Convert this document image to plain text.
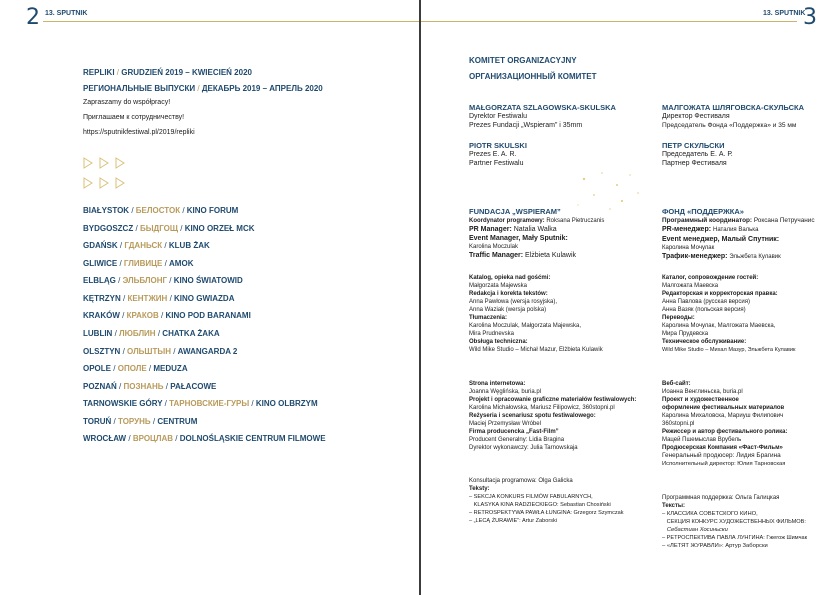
2 13. SPUTNIK
REPLIKI / GRUDZIEŃ 2019 – KWIECIEŃ 2020
РЕГИОНАЛЬНЫЕ ВЫПУСКИ / ДЕКАБРЬ 2019 – АПРЕЛЬ 2020
Zapraszamy do współpracy!
Приглашаем к сотрудничеству!
https://sputnikfestiwal.pl/2019/repliki
BIAŁYSTOK / БЕЛОСТОК / KINO FORUM
BYDGOSZCZ / БЫДГОЩ / KINO ORZEŁ MCK
GDAŃSK / ГДАНЬСК / KLUB ŻAK
GLIWICE / ГЛИВИЦЕ / AMOK
ELBLĄG / ЭЛЬБЛОНГ / KINO ŚWIATOWID
KĘTRZYN / КЕНТЖИН / KINO GWIAZDA
KRAKÓW / КРАКОВ / KINO POD BARANAMI
LUBLIN / ЛЮБЛИН / CHATKA ŻAKA
OLSZTYN / ОЛЬШТЫН / AWANGARDA 2
OPOLE / ОПОЛЕ / MEDUZA
POZNAŃ / ПОЗНАНЬ / PAŁACOWE
TARNOWSKIE GÓRY / ТАРНОВСКИЕ-ГУРЫ / KINO OLBRZYM
TORUŃ / ТОРУНЬ / CENTRUM
WROCŁAW / ВРОЦЛАВ / DOLNOŚLĄSKIE CENTRUM FILMOWE
13. SPUTNIK
3
KOMITET ORGANIZACYJNY
ОРГАНИЗАЦИОННЫЙ КОМИТЕТ
MAŁGORZATA SZLAGOWSKA-SKULSKA
Dyrektor Festiwalu
Prezes Fundacji „Wspieram” i 35mm
PIOTR SKULSKI
Prezes E. A. R.
Partner Festiwalu
МАЛГОЖАТА ШЛЯГОВСКА-СКУЛЬСКА
Директор Фестиваля
Председатель Фонда «Поддержка» и 35 мм
ПЕТР СКУЛЬСКИ
Председатель Е. А. Р.
Партнер Фестиваля
FUNDACJA „WSPIERAM”
Koordynator programowy: Roksana Pietruczanis
PR Manager: Natalia Walka
Event Manager, Mały Sputnik:
Karolina Moczulak
Traffic Manager: Elżbieta Kulawik
Katalog, opieka nad gośćmi:
Małgorzata Majewska
Redakcja i korekta tekstów:
Anna Pawłowa (wersja rosyjska),
Anna Waziak (wersja polska)
Tłumaczenia:
Karolina Moczulak, Małgorzata Majewska,
Mira Prudnevska
Obsługa techniczna:
Wild Mike Studio – Michał Mazur, Elżbieta Kulawik
Strona internetowa:
Joanna Węglińska, buria.pl
Projekt i opracowanie graficzne materiałów festiwalowych:
Karolina Michałowska, Mariusz Filipowicz, 360stopni.pl
Reżyseria i scenariusz spotu festiwalowego:
Maciej Przemysław Wróbel
Firma producencka „Fast-Film”
Producent Generalny: Lidia Bragina
Dyrektor wykonawczy: Julia Tarnowskaja
Konsultacja programowa: Olga Galicka
Teksty:
– SEKCJA KONKURS FILMÓW FABULARNYCH,
KLASYKA KINA RADZIECKIEGO: Sebastian Chosiński
– RETROSPEKTYWA PAWŁA ŁUNGINA: Grzegorz Szymczak
– „LECĄ ŻURAWIE”: Artur Zaborski
ФОНД «ПОДДЕРЖКА»
Программный координатор: Роксана Петручанис
PR-менеджер: Наталия Валька
Event менеджер, Малый Спутник:
Каролина Мочулак
Трафик-менеджер: Эльжбета Кулавик
Каталог, сопровождение гостей:
Малгожата Маевска
Редакторская и корректорская правка:
Анна Павлова (русская версия)
Анна Вазяк (польская версия)
Переводы:
Каролина Мочулак, Малгожата Маевска,
Мира Прудевска
Техническое обслуживание:
Wild Mike Studio – Михал Мазур, Эльжбета Кулавик
Веб-сайт:
Иоанна Венглиньска, buria.pl
Проект и художественное
оформление фестивальных материалов
Каролина Михаловска, Мариуш Филипович
360stopni.pl
Режиссер и автор фестивального ролика:
Мацей Пшемыслав Врубель
Продюсерская Компания «Фаст-Фильм»
Генеральный продюсер: Лидия Брагина
Исполнительный директор: Юлия Тарновская
Программная поддержка: Ольга Галицкая
Тексты:
– КЛАССИКА СОВЕТСКОГО КИНО,
СЕКЦИЯ КОНКУРС ХУДОЖЕСТВЕННЫХ ФИЛЬМОВ:
Себастиан Хосиньски
– РЕТРОСПЕКТИВА ПАВЛА ЛУНГИНА: Гжегож Шимчак
– «ЛЕТЯТ ЖУРАВЛИ»: Артур Заборски
